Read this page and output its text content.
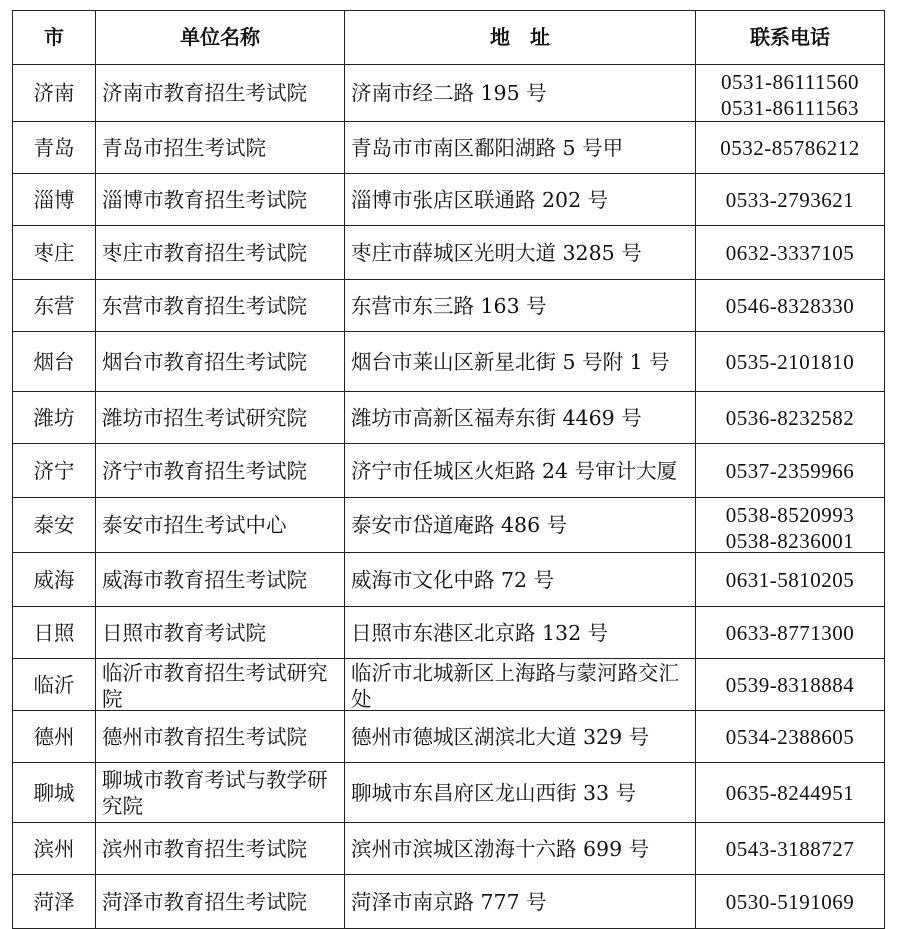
市	单位名称	地　址	联系电话

济南	济南市教育招生考试院	济南市经二路 195 号	0531-86111560
0531-86111563

青岛	青岛市招生考试院	青岛市市南区鄱阳湖路 5 号甲	0532-85786212

淄博	淄博市教育招生考试院	淄博市张店区联通路 202 号	0533-2793621

枣庄	枣庄市教育招生考试院	枣庄市薛城区光明大道 3285 号	0632-3337105

东营	东营市教育招生考试院	东营市东三路 163 号	0546-8328330

烟台	烟台市教育招生考试院	烟台市莱山区新星北街 5 号附 1 号	0535-2101810

潍坊	潍坊市招生考试研究院	潍坊市高新区福寿东街 4469 号	0536-8232582

济宁	济宁市教育招生考试院	济宁市任城区火炬路 24 号审计大厦	0537-2359966

泰安	泰安市招生考试中心	泰安市岱道庵路 486 号	0538-8520993
0538-8236001

威海	威海市教育招生考试院	威海市文化中路 72 号	0631-5810205

日照	日照市教育考试院	日照市东港区北京路 132 号	0633-8771300

临沂	临沂市教育招生考试研究院	临沂市北城新区上海路与蒙河路交汇处	0539-8318884

德州	德州市教育招生考试院	德州市德城区湖滨北大道 329 号	0534-2388605

聊城	聊城市教育考试与教学研究院	聊城市东昌府区龙山西街 33 号	0635-8244951

滨州	滨州市教育招生考试院	滨州市滨城区渤海十六路 699 号	0543-3188727

菏泽	菏泽市教育招生考试院	菏泽市南京路 777 号	0530-5191069
